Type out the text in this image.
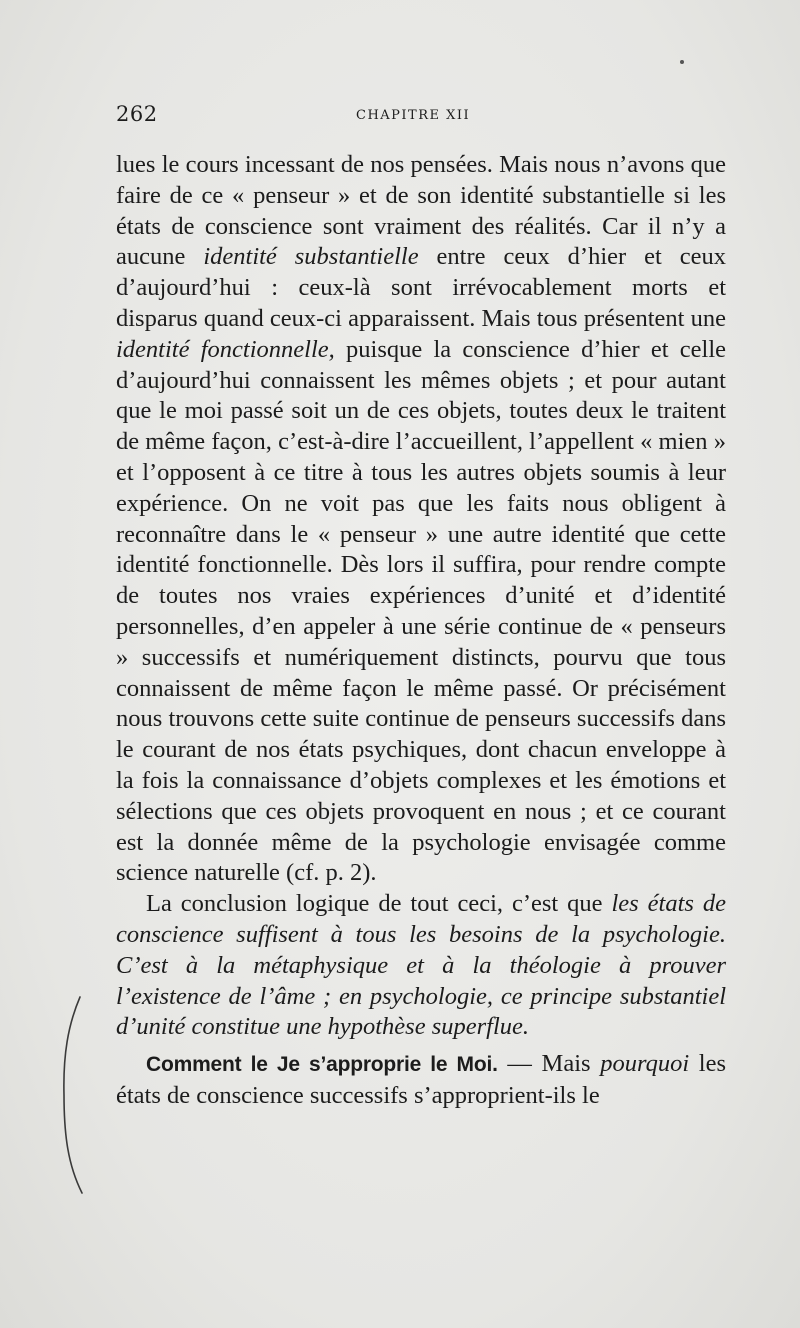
262	CHAPITRE XII

lues le cours incessant de nos pensées. Mais nous n’avons que faire de ce « penseur » et de son identité substantielle si les états de conscience sont vraiment des réalités. Car il n’y a aucune identité substantielle entre ceux d’hier et ceux d’aujourd’hui : ceux-là sont irrévocablement morts et disparus quand ceux-ci apparaissent. Mais tous présentent une identité fonctionnelle, puisque la conscience d’hier et celle d’aujourd’hui connaissent les mêmes objets ; et pour autant que le moi passé soit un de ces objets, toutes deux le traitent de même façon, c’est-à-dire l’accueillent, l’appellent « mien » et l’opposent à ce titre à tous les autres objets soumis à leur expérience. On ne voit pas que les faits nous obligent à reconnaître dans le « penseur » une autre identité que cette identité fonctionnelle. Dès lors il suffira, pour rendre compte de toutes nos vraies expériences d’unité et d’identité personnelles, d’en appeler à une série continue de « penseurs » successifs et numériquement distincts, pourvu que tous connaissent de même façon le même passé. Or précisément nous trouvons cette suite continue de penseurs successifs dans le courant de nos états psychiques, dont chacun enveloppe à la fois la connaissance d’objets complexes et les émotions et sélections que ces objets provoquent en nous ; et ce courant est la donnée même de la psychologie envisagée comme science naturelle (cf. p. 2).

La conclusion logique de tout ceci, c’est que les états de conscience suffisent à tous les besoins de la psychologie. C’est à la métaphysique et à la théologie à prouver l’existence de l’âme ; en psychologie, ce principe substantiel d’unité constitue une hypothèse superflue.

Comment le Je s’approprie le Moi. — Mais pourquoi les états de conscience successifs s’approprient-ils le
